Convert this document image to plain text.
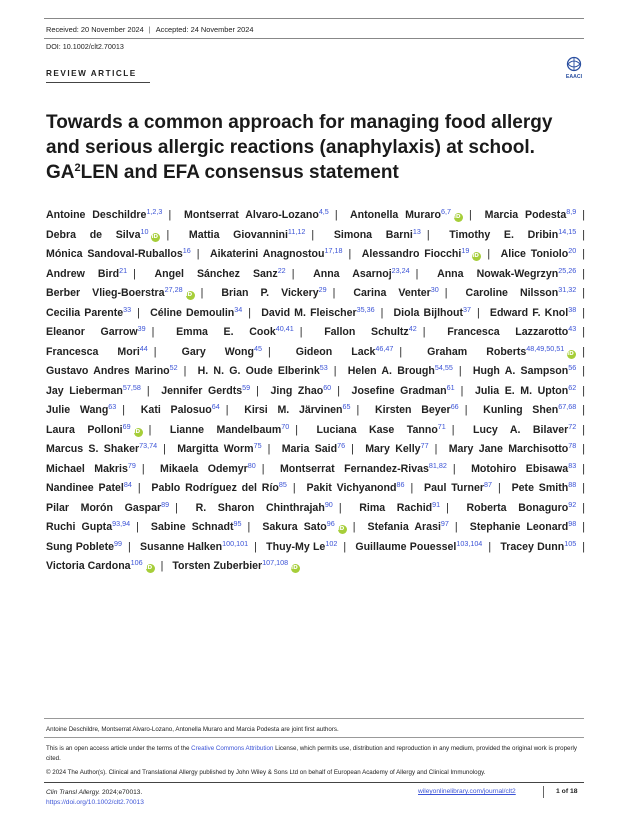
Received: 20 November 2024 | Accepted: 24 November 2024
DOI: 10.1002/clt2.70013
REVIEW ARTICLE	EAACI
Towards a common approach for managing food allergy and serious allergic reactions (anaphylaxis) at school. $GA^2LEN$ and EFA consensus statement
Antoine Deschildre$^{1,2,3}$ | Montserrat Alvaro-Lozano$^{4,5}$ | Antonella Muraro$^{6,7}$iD | Marcia Podesta$^{8,9}$ | Debra de Silva$^{10}$iD | Mattia Giovannini$^{11,12}$ | Simona Barni$^{13}$ | Timothy E. Dribin$^{14,15}$ | Mónica Sandoval-Ruballos$^{16}$ | Aikaterini Anagnostou$^{17,18}$ | Alessandro Fiocchi$^{19}$iD | Alice Toniolo$^{20}$ | Andrew Bird$^{21}$ | Angel Sánchez Sanz$^{22}$ | Anna Asarnoj$^{23,24}$ | Anna Nowak-Wegrzyn$^{25,26}$ | Berber Vlieg-Boerstra$^{27,28}$iD | Brian P. Vickery$^{29}$ | Carina Venter$^{30}$ | Caroline Nilsson$^{31,32}$ | Cecilia Parente$^{33}$ | Céline Demoulin$^{34}$ | David M. Fleischer$^{35,36}$ | Diola Bijlhout$^{37}$ | Edward F. Knol$^{38}$ | Eleanor Garrow$^{39}$ | Emma E. Cook$^{40,41}$ | Fallon Schultz$^{42}$ | Francesca Lazzarotto$^{43}$ | Francesca Mori$^{44}$ | Gary Wong$^{45}$ | Gideon Lack$^{46,47}$ | Graham Roberts$^{48,49,50,51}$iD | Gustavo Andres Marino$^{52}$ | H. N. G. Oude Elberink$^{53}$ | Helen A. Brough$^{54,55}$ | Hugh A. Sampson$^{56}$ | Jay Lieberman$^{57,58}$ | Jennifer Gerdts$^{59}$ | Jing Zhao$^{60}$ | Josefine Gradman$^{61}$ | Julia E. M. Upton$^{62}$ | Julie Wang$^{63}$ | Kati Palosuo$^{64}$ | Kirsi M. Järvinen$^{65}$ | Kirsten Beyer$^{66}$ | Kunling Shen$^{67,68}$ | Laura Polloni$^{69}$iD | Lianne Mandelbaum$^{70}$ | Luciana Kase Tanno$^{71}$ | Lucy A. Bilaver$^{72}$ | Marcus S. Shaker$^{73,74}$ | Margitta Worm$^{75}$ | Maria Said$^{76}$ | Mary Kelly$^{77}$ | Mary Jane Marchisotto$^{78}$ | Michael Makris$^{79}$ | Mikaela Odemyr$^{80}$ | Montserrat Fernandez-Rivas$^{81,82}$ | Motohiro Ebisawa$^{83}$ | Nandinee Patel$^{84}$ | Pablo Rodríguez del Río$^{85}$ | Pakit Vichyanond$^{86}$ | Paul Turner$^{87}$ | Pete Smith$^{88}$ | Pilar Morón Gaspar$^{89}$ | R. Sharon Chinthrajah$^{90}$ | Rima Rachid$^{91}$ | Roberta Bonaguro$^{92}$ | Ruchi Gupta$^{93,94}$ | Sabine Schnadt$^{95}$ | Sakura Sato$^{96}$iD | Stefania Arasi$^{97}$ | Stephanie Leonard$^{98}$ | Sung Poblete$^{99}$ | Susanne Halken$^{100,101}$ | Thuy-My Le$^{102}$ | Guillaume Pouessel$^{103,104}$ | Tracey Dunn$^{105}$ | Victoria Cardona$^{106}$iD | Torsten Zuberbier$^{107,108}$iD
Antoine Deschildre, Montserrat Alvaro-Lozano, Antonella Muraro and Marcia Podesta are joint first authors.
This is an open access article under the terms of the Creative Commons Attribution License, which permits use, distribution and reproduction in any medium, provided the original work is properly cited.
© 2024 The Author(s). Clinical and Translational Allergy published by John Wiley & Sons Ltd on behalf of European Academy of Allergy and Clinical Immunology.
Clin Transl Allergy. 2024;e70013.
https://doi.org/10.1002/clt2.70013
wileyonlinelibrary.com/journal/clt2	1 of 18
